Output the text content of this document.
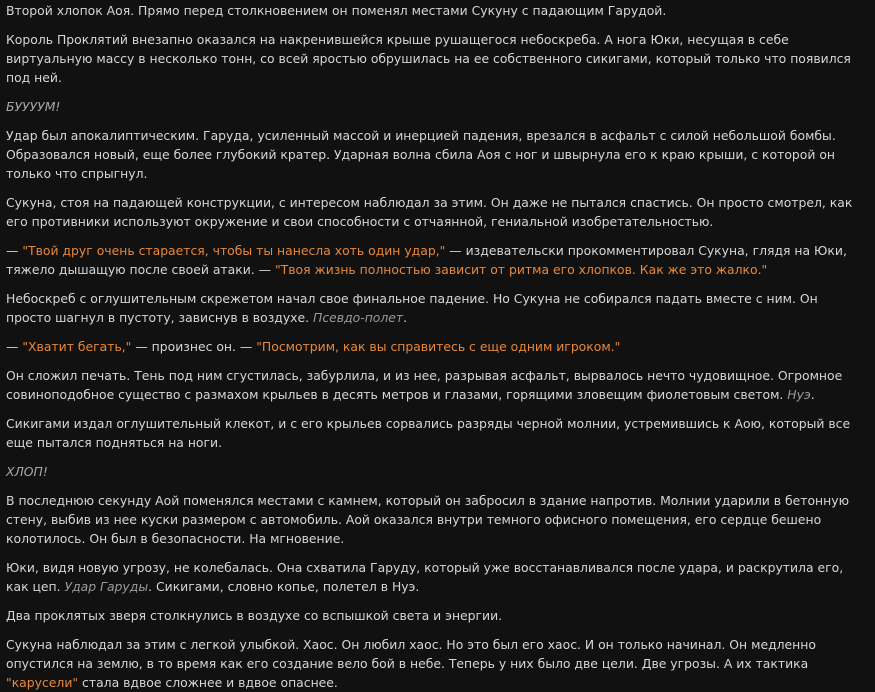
Второй хлопок Аоя. Прямо перед столкновением он поменял местами Сукуну с падающим Гарудой.

Король Проклятий внезапно оказался на накренившейся крыше рушащегося небоскреба. А нога Юки, несущая в себе виртуальную массу в несколько тонн, со всей яростью обрушилась на ее собственного сикигами, который только что появился под ней.

БУУУУМ!

Удар был апокалиптическим. Гаруда, усиленный массой и инерцией падения, врезался в асфальт с силой небольшой бомбы. Образовался новый, еще более глубокий кратер. Ударная волна сбила Аоя с ног и швырнула его к краю крыши, с которой он только что спрыгнул.

Сукуна, стоя на падающей конструкции, с интересом наблюдал за этим. Он даже не пытался спастись. Он просто смотрел, как его противники используют окружение и свои способности с отчаянной, гениальной изобретательностью.

— "Твой друг очень старается, чтобы ты нанесла хоть один удар," — издевательски прокомментировал Сукуна, глядя на Юки, тяжело дышащую после своей атаки. — "Твоя жизнь полностью зависит от ритма его хлопков. Как же это жалко."

Небоскреб с оглушительным скрежетом начал свое финальное падение. Но Сукуна не собирался падать вместе с ним. Он просто шагнул в пустоту, зависнув в воздухе. Псевдо-полет.

— "Хватит бегать," — произнес он. — "Посмотрим, как вы справитесь с еще одним игроком."

Он сложил печать. Тень под ним сгустилась, забурлила, и из нее, разрывая асфальт, вырвалось нечто чудовищное. Огромное совиноподобное существо с размахом крыльев в десять метров и глазами, горящими зловещим фиолетовым светом. Нуэ.

Сикигами издал оглушительный клекот, и с его крыльев сорвались разряды черной молнии, устремившись к Аою, который все еще пытался подняться на ноги.

ХЛОП!

В последнюю секунду Аой поменялся местами с камнем, который он забросил в здание напротив. Молнии ударили в бетонную стену, выбив из нее куски размером с автомобиль. Аой оказался внутри темного офисного помещения, его сердце бешено колотилось. Он был в безопасности. На мгновение.

Юки, видя новую угрозу, не колебалась. Она схватила Гаруду, который уже восстанавливался после удара, и раскрутила его, как цеп. Удар Гаруды. Сикигами, словно копье, полетел в Нуэ.

Два проклятых зверя столкнулись в воздухе со вспышкой света и энергии.

Сукуна наблюдал за этим с легкой улыбкой. Хаос. Он любил хаос. Но это был его хаос. И он только начинал. Он медленно опустился на землю, в то время как его создание вело бой в небе. Теперь у них было две цели. Две угрозы. А их тактика "карусели" стала вдвое сложнее и вдвое опаснее.
